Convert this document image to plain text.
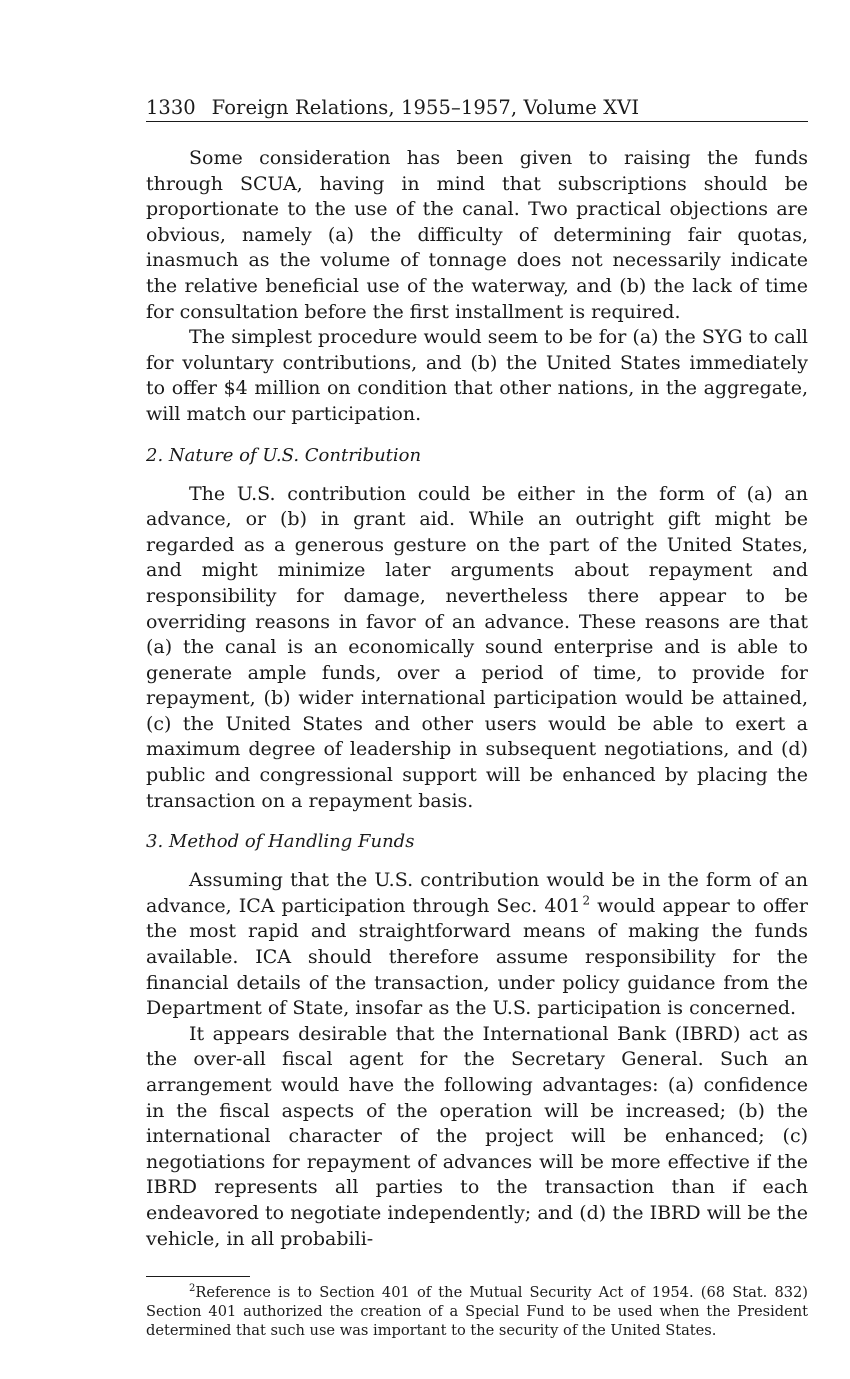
1330 Foreign Relations, 1955–1957, Volume XVI

Some consideration has been given to raising the funds through SCUA, having in mind that subscriptions should be proportionate to the use of the canal. Two practical objections are obvious, namely (a) the difficulty of determining fair quotas, inasmuch as the volume of tonnage does not necessarily indicate the relative beneficial use of the waterway, and (b) the lack of time for consultation before the first installment is required.

The simplest procedure would seem to be for (a) the SYG to call for voluntary contributions, and (b) the United States immediately to offer $4 million on condition that other nations, in the aggregate, will match our participation.

2. Nature of U.S. Contribution

The U.S. contribution could be either in the form of (a) an advance, or (b) in grant aid. While an outright gift might be regarded as a generous gesture on the part of the United States, and might minimize later arguments about repayment and responsibility for damage, nevertheless there appear to be overriding reasons in favor of an advance. These reasons are that (a) the canal is an economically sound enterprise and is able to generate ample funds, over a period of time, to provide for repayment, (b) wider international participation would be attained, (c) the United States and other users would be able to exert a maximum degree of leadership in subsequent negotiations, and (d) public and congressional support will be enhanced by placing the transaction on a repayment basis.

3. Method of Handling Funds

Assuming that the U.S. contribution would be in the form of an advance, ICA participation through Sec. 401  $^2$ would appear to offer the most rapid and straightforward means of making the funds available. ICA should therefore assume responsibility for the financial details of the transaction, under policy guidance from the Department of State, insofar as the U.S. participation is concerned.

It appears desirable that the International Bank (IBRD) act as the over-all fiscal agent for the Secretary General. Such an arrangement would have the following advantages: (a) confidence in the fiscal aspects of the operation will be increased; (b) the international character of the project will be enhanced; (c) negotiations for repayment of advances will be more effective if the IBRD represents all parties to the transaction than if each endeavored to negotiate independently; and (d) the IBRD will be the vehicle, in all probabili-

$^2$Reference is to Section 401 of the Mutual Security Act of 1954. (68 Stat. 832) Section 401 authorized the creation of a Special Fund to be used when the President determined that such use was important to the security of the United States.
